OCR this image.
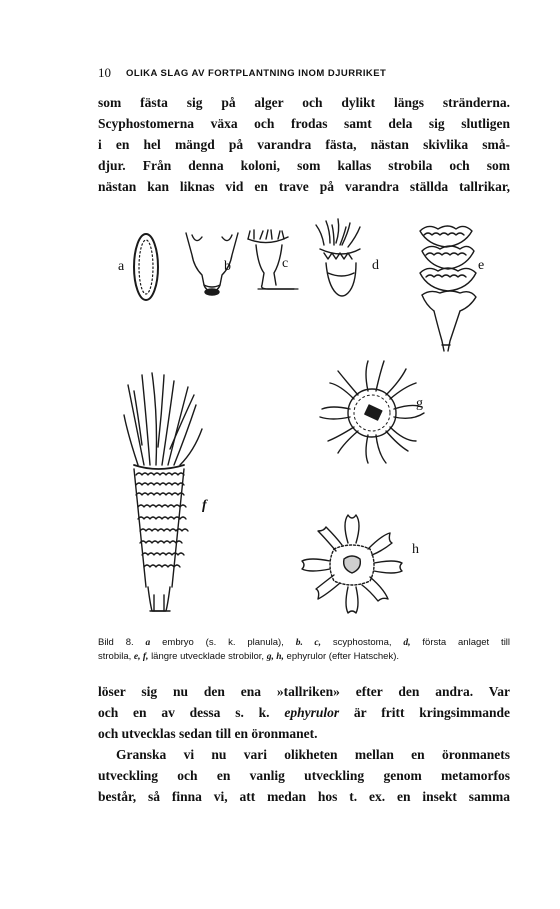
10 OLIKA SLAG AV FORTPLANTNING INOM DJURRIKET
som fästa sig på alger och dylikt längs stränderna.
Scyphostomerna växa och frodas samt dela sig slutligen
i en hel mängd på varandra fästa, nästan skivlika små-
djur. Från denna koloni, som kallas strobila och som
nästan kan liknas vid en trave på varandra ställda tallrikar,
a	b	c	d	e
f
g
h
Bild 8. a embryo (s. k. planula), b. c, scyphostoma, d, första anlaget till
strobila, e, f, längre utvecklade strobilor, g, h, ephyrulor (efter Hatschek).
löser sig nu den ena »tallriken» efter den andra. Var
och en av dessa s. k. ephyrulor är fritt kringsimmande
och utvecklas sedan till en öronmanet.
Granska vi nu vari olikheten mellan en öronmanets
utveckling och en vanlig utveckling genom metamorfos
består, så finna vi, att medan hos t. ex. en insekt samma
